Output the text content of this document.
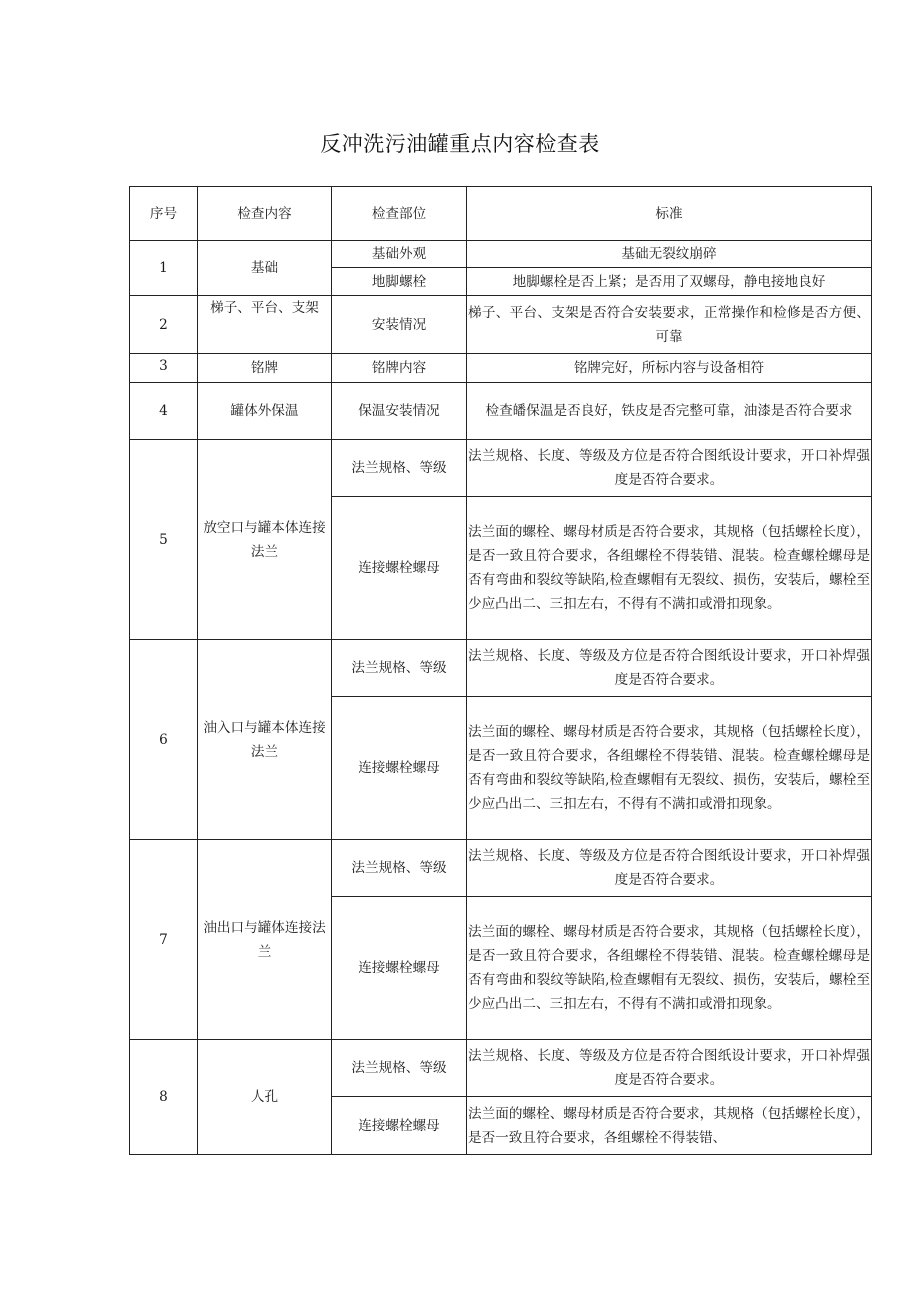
反冲洗污油罐重点内容检查表
序号	检查内容	检查部位	标准
1	基础	基础外观	基础无裂纹崩碎
		地脚螺栓	地脚螺栓是否上紧；是否用了双螺母，静电接地良好
2	梯子、平台、支架	安装情况	梯子、平台、支架是否符合安装要求，正常操作和检修是否方便、可靠
3	铭牌	铭牌内容	铭牌完好，所标内容与设备相符
4	罐体外保温	保温安装情况	检查皤保温是否良好，铁皮是否完整可靠，油漆是否符合要求
5	放空口与罐本体连接法兰	法兰规格、等级	法兰规格、长度、等级及方位是否符合图纸设计要求，开口补焊强度是否符合要求。
		连接螺栓螺母	法兰面的螺栓、螺母材质是否符合要求，其规格（包括螺栓长度），是否一致且符合要求，各组螺栓不得装错、混装。检查螺栓螺母是否有弯曲和裂纹等缺陷,检查螺帽有无裂纹、损伤，安装后，螺栓至少应凸出二、三扣左右，不得有不满扣或滑扣现象。
6	油入口与罐本体连接法兰	法兰规格、等级	法兰规格、长度、等级及方位是否符合图纸设计要求，开口补焊强度是否符合要求。
		连接螺栓螺母	法兰面的螺栓、螺母材质是否符合要求，其规格（包括螺栓长度），是否一致且符合要求，各组螺栓不得装错、混装。检查螺栓螺母是否有弯曲和裂纹等缺陷,检查螺帽有无裂纹、损伤，安装后，螺栓至少应凸出二、三扣左右，不得有不满扣或滑扣现象。
7	油出口与罐体连接法兰	法兰规格、等级	法兰规格、长度、等级及方位是否符合图纸设计要求，开口补焊强度是否符合要求。
		连接螺栓螺母	法兰面的螺栓、螺母材质是否符合要求，其规格（包括螺栓长度），是否一致且符合要求，各组螺栓不得装错、混装。检查螺栓螺母是否有弯曲和裂纹等缺陷,检查螺帽有无裂纹、损伤，安装后，螺栓至少应凸出二、三扣左右，不得有不满扣或滑扣现象。
8	人孔	法兰规格、等级	法兰规格、长度、等级及方位是否符合图纸设计要求，开口补焊强度是否符合要求。
		连接螺栓螺母	法兰面的螺栓、螺母材质是否符合要求，其规格（包括螺栓长度），是否一致且符合要求，各组螺栓不得装错、
